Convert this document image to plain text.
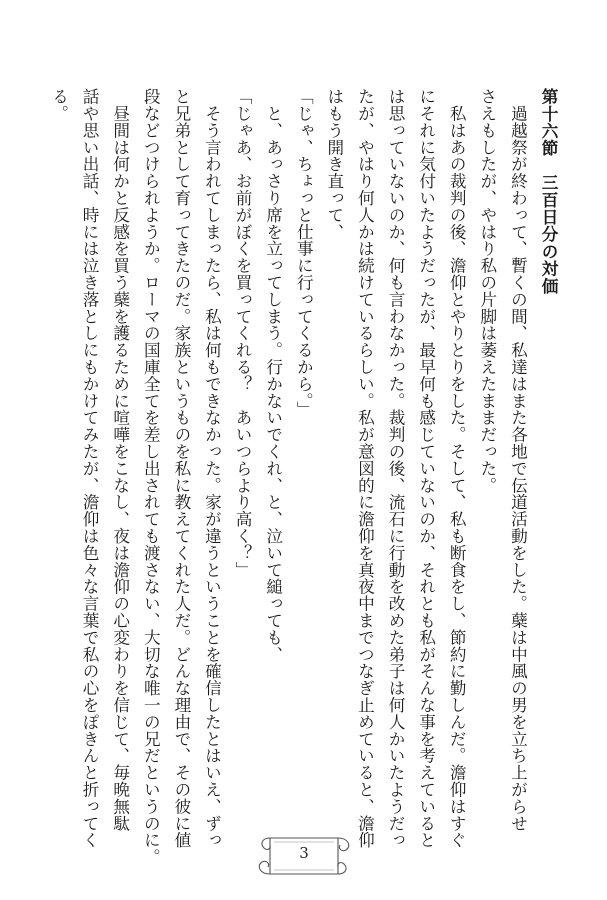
第十六節　三百日分の対価

　過越祭が終わって、暫くの間、私達はまた各地で伝道活動をした。蘖は中風の男を立ち上がらせ

さえもしたが、やはり私の片脚は萎えたままだった。

　私はあの裁判の後、澹仰とやりとりをした。そして、私も断食をし、節約に勤しんだ。澹仰はすぐ

にそれに気付いたようだったが、最早何も感じていないのか、それとも私がそんな事を考えていると

は思っていないのか、何も言わなかった。裁判の後、流石に行動を改めた弟子は何人かいたようだっ

たが、やはり何人かは続けているらしい。私が意図的に澹仰を真夜中までつなぎ止めていると、澹仰

はもう開き直って、

「じゃ、ちょっと仕事に行ってくるから。」

　と、あっさり席を立ってしまう。行かないでくれ、と、泣いて縋っても、

「じゃあ、お前がぼくを買ってくれる？　あいつらより高く？」

　そう言われてしまったら、私は何もできなかった。家が違うということを確信したとはいえ、ずっ

と兄弟として育ってきたのだ。家族というものを私に教えてくれた人だ。どんな理由で、その彼に値

段などつけられようか。ローマの国庫全てを差し出されても渡さない、大切な唯一の兄だというのに。

　昼間は何かと反感を買う蘖を護るために喧嘩をこなし、夜は澹仰の心変わりを信じて、毎晩無駄

話や思い出話、時には泣き落としにもかけてみたが、澹仰は色々な言葉で私の心をぽきんと折ってく

る。

3
